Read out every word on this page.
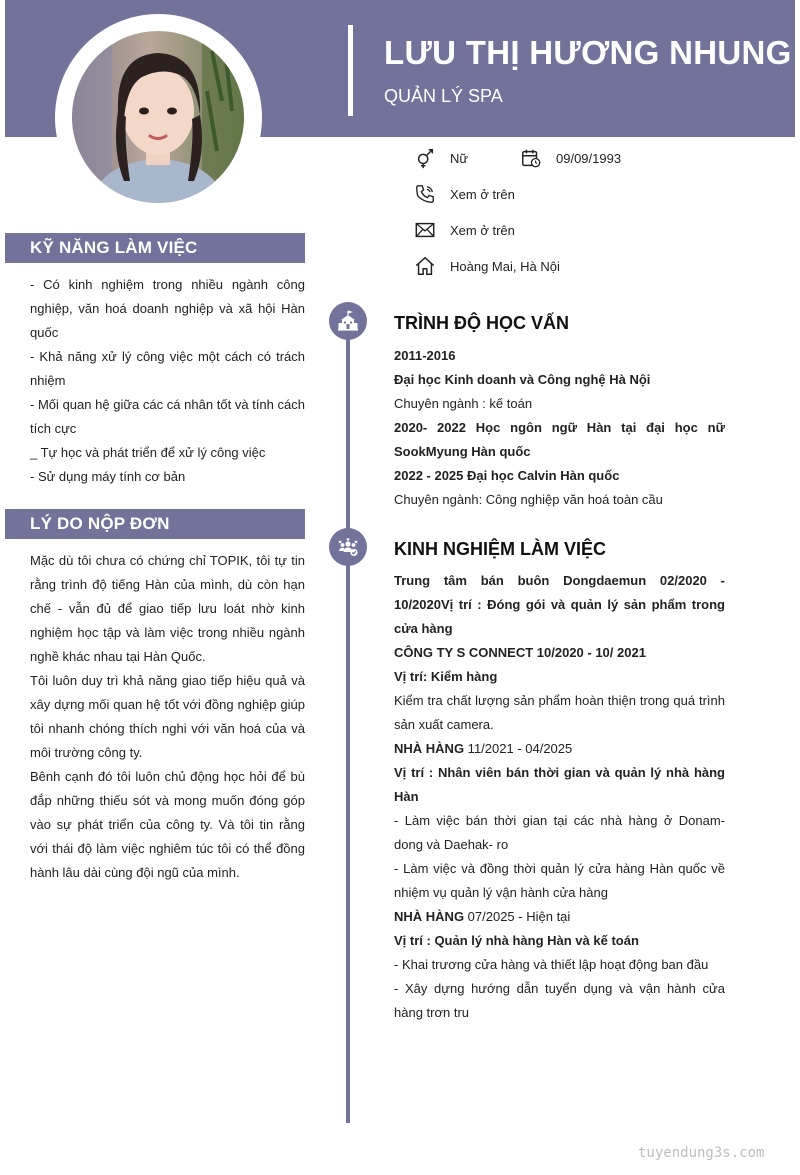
LƯU THỊ HƯƠNG NHUNG
QUẢN LÝ SPA
Nữ	09/09/1993
Xem ở trên
Xem ở trên
Hoàng Mai, Hà Nội
KỸ NĂNG LÀM VIỆC

- Có kinh nghiệm trong nhiều ngành công nghiệp, văn hoá doanh nghiệp và xã hội Hàn quốc

- Khả năng xử lý công việc một cách có trách nhiệm

- Mối quan hệ giữa các cá nhân tốt và tính cách tích cực

_ Tự học và phát triển để xử lý công việc

- Sử dụng máy tính cơ bản

LÝ DO NỘP ĐƠN

Mặc dù tôi chưa có chứng chỉ TOPIK, tôi tự tin rằng trình độ tiếng Hàn của mình, dù còn hạn chế - vẫn đủ để giao tiếp lưu loát nhờ kinh nghiệm học tập và làm việc trong nhiều ngành nghề khác nhau tại Hàn Quốc.

Tôi luôn duy trì khả năng giao tiếp hiệu quả và xây dựng mối quan hệ tốt với đồng nghiệp giúp tôi nhanh chóng thích nghi với văn hoá của và môi trường công ty.

Bênh cạnh đó tôi luôn chủ động học hỏi để bù đắp những thiếu sót và mong muốn đóng góp vào sự phát triển của công ty. Và tôi tin rằng với thái độ làm việc nghiêm túc tôi có thể đồng hành lâu dài cùng đội ngũ của mình.

TRÌNH ĐỘ HỌC VẤN

2011-2016

Đại học Kinh doanh và Công nghệ Hà Nội

Chuyên ngành : kế toán

2020- 2022 Học ngôn ngữ Hàn tại đại học nữ SookMyung Hàn quốc

2022 - 2025 Đại học Calvin Hàn quốc

Chuyên ngành: Công nghiệp văn hoá toàn cầu

KINH NGHIỆM LÀM VIỆC

Trung tâm bán buôn Dongdaemun 02/2020 - 10/2020Vị trí : Đóng gói và quản lý sản phẩm trong cửa hàng

CÔNG TY S CONNECT 10/2020 - 10/ 2021

Vị trí: Kiểm hàng

Kiểm tra chất lượng sản phẩm hoàn thiện trong quá trình sản xuất camera.

NHÀ HÀNG 11/2021 - 04/2025

Vị trí : Nhân viên bán thời gian và quản lý nhà hàng Hàn

- Làm việc bán thời gian tại các nhà hàng ở Donam- dong và Daehak- ro

- Làm việc và đồng thời quản lý cửa hàng Hàn quốc về nhiệm vụ quản lý vận hành cửa hàng

NHÀ HÀNG 07/2025 - Hiện tại

Vị trí : Quản lý nhà hàng Hàn và kế toán

- Khai trương cửa hàng và thiết lập hoạt động ban đầu

- Xây dựng hướng dẫn tuyển dụng và vận hành cửa hàng trơn tru

tuyendung3s.com
